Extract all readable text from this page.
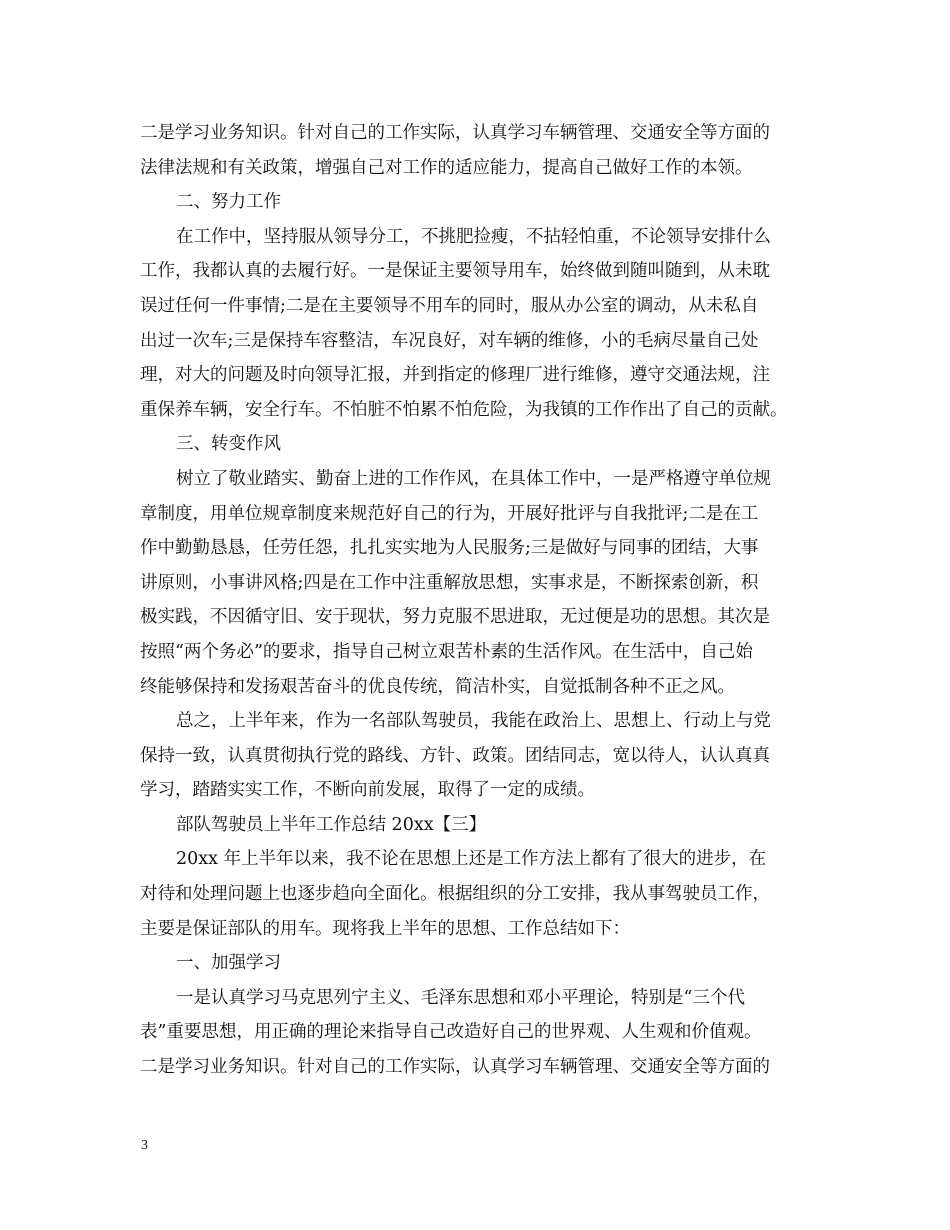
二是学习业务知识。针对自己的工作实际，认真学习车辆管理、交通安全等方面的
法律法规和有关政策，增强自己对工作的适应能力，提高自己做好工作的本领。
二、努力工作
在工作中，坚持服从领导分工，不挑肥捡瘦，不拈轻怕重，不论领导安排什么
工作，我都认真的去履行好。一是保证主要领导用车，始终做到随叫随到，从未耽
误过任何一件事情;二是在主要领导不用车的同时，服从办公室的调动，从未私自
出过一次车;三是保持车容整洁，车况良好，对车辆的维修，小的毛病尽量自己处
理，对大的问题及时向领导汇报，并到指定的修理厂进行维修，遵守交通法规，注
重保养车辆，安全行车。不怕脏不怕累不怕危险，为我镇的工作作出了自己的贡献。
三、转变作风
树立了敬业踏实、勤奋上进的工作作风，在具体工作中，一是严格遵守单位规
章制度，用单位规章制度来规范好自己的行为，开展好批评与自我批评;二是在工
作中勤勤恳恳，任劳任怨，扎扎实实地为人民服务;三是做好与同事的团结，大事
讲原则，小事讲风格;四是在工作中注重解放思想，实事求是，不断探索创新，积
极实践，不因循守旧、安于现状，努力克服不思进取，无过便是功的思想。其次是
按照“两个务必”的要求，指导自己树立艰苦朴素的生活作风。在生活中，自己始
终能够保持和发扬艰苦奋斗的优良传统，简洁朴实，自觉抵制各种不正之风。
总之，上半年来，作为一名部队驾驶员，我能在政治上、思想上、行动上与党
保持一致，认真贯彻执行党的路线、方针、政策。团结同志，宽以待人，认认真真
学习，踏踏实实工作，不断向前发展，取得了一定的成绩。
部队驾驶员上半年工作总结 20xx【三】
20xx 年上半年以来，我不论在思想上还是工作方法上都有了很大的进步，在
对待和处理问题上也逐步趋向全面化。根据组织的分工安排，我从事驾驶员工作，
主要是保证部队的用车。现将我上半年的思想、工作总结如下：
一、加强学习
一是认真学习马克思列宁主义、毛泽东思想和邓小平理论，特别是“三个代
表”重要思想，用正确的理论来指导自己改造好自己的世界观、人生观和价值观。
二是学习业务知识。针对自己的工作实际，认真学习车辆管理、交通安全等方面的
3
